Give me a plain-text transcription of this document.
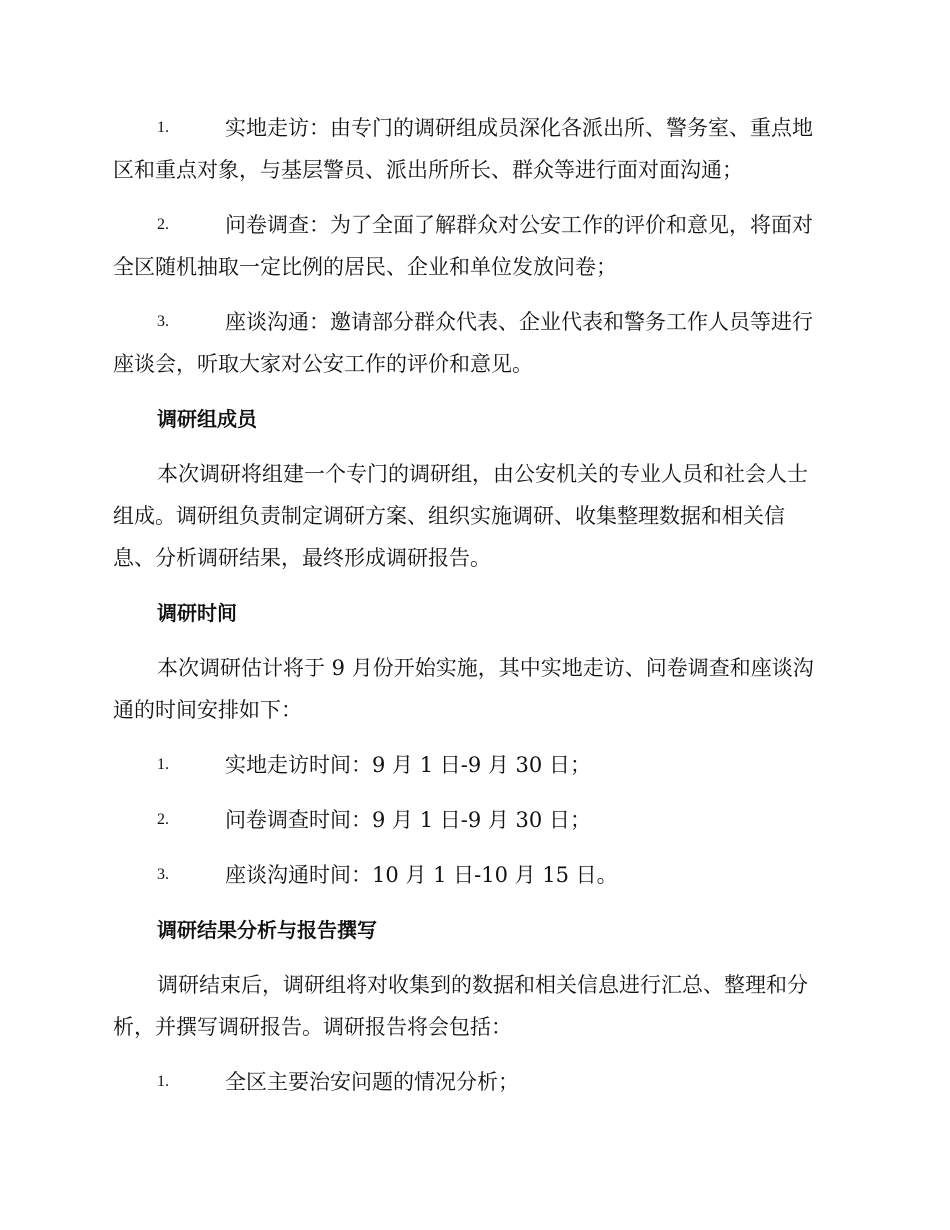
1.	实地走访：由专门的调研组成员深化各派出所、警务室、重点地
区和重点对象，与基层警员、派出所所长、群众等进行面对面沟通；
2.	问卷调查：为了全面了解群众对公安工作的评价和意见，将面对
全区随机抽取一定比例的居民、企业和单位发放问卷；
3.	座谈沟通：邀请部分群众代表、企业代表和警务工作人员等进行
座谈会，听取大家对公安工作的评价和意见。
调研组成员
本次调研将组建一个专门的调研组，由公安机关的专业人员和社会人士
组成。调研组负责制定调研方案、组织实施调研、收集整理数据和相关信
息、分析调研结果，最终形成调研报告。
调研时间
本次调研估计将于 9 月份开始实施，其中实地走访、问卷调查和座谈沟
通的时间安排如下：
1.	实地走访时间：9 月 1 日-9 月 30 日；
2.	问卷调查时间：9 月 1 日-9 月 30 日；
3.	座谈沟通时间：10 月 1 日-10 月 15 日。
调研结果分析与报告撰写
调研结束后，调研组将对收集到的数据和相关信息进行汇总、整理和分
析，并撰写调研报告。调研报告将会包括：
1.	全区主要治安问题的情况分析；
